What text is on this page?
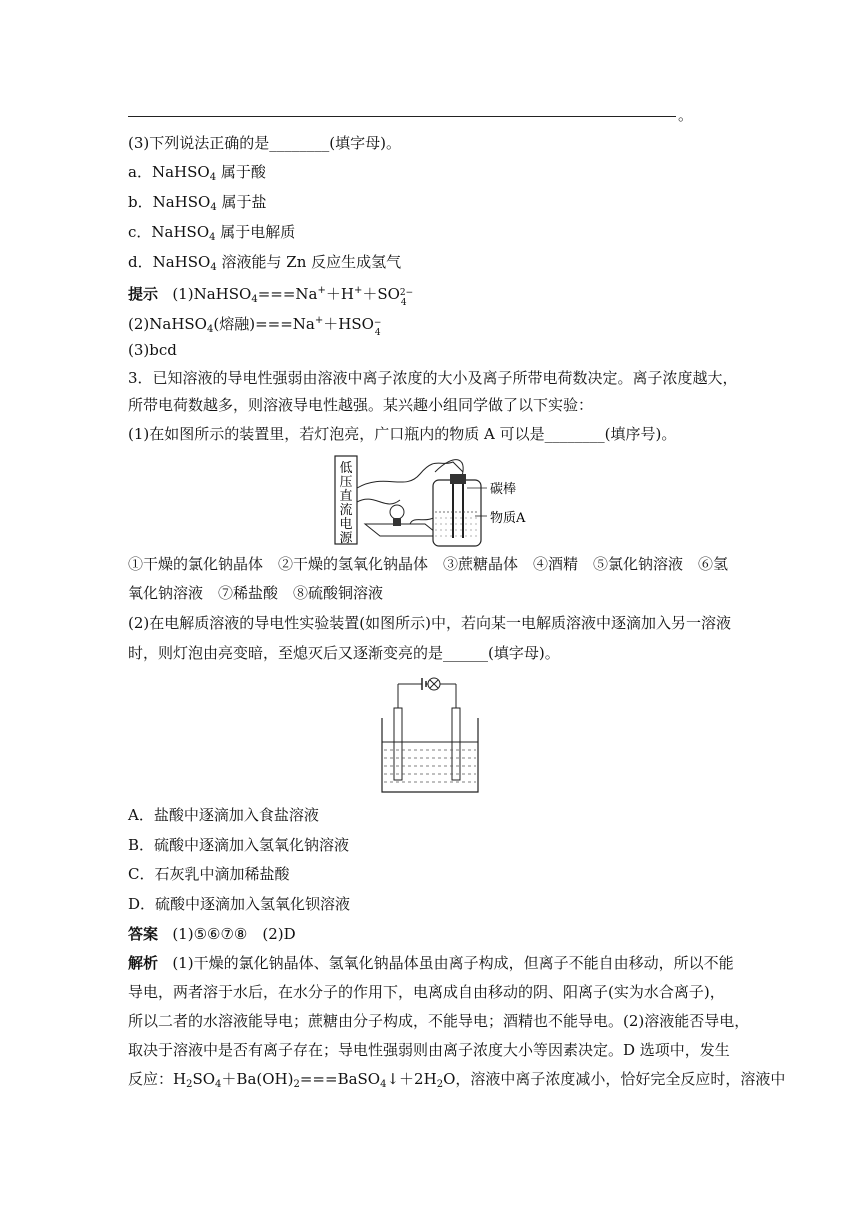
。
(3)下列说法正确的是________(填字母)。
a．NaHSO$_4$ 属于酸
b．NaHSO$_4$ 属于盐
c．NaHSO$_4$ 属于电解质
d．NaHSO$_4$ 溶液能与 Zn 反应生成氢气
提示 (1)NaHSO$_4$===Na+＋H+＋SO 2−
4
(2)NaHSO$_4$(熔融)===Na+＋HSO −
4
(3)bcd
3．已知溶液的导电性强弱由溶液中离子浓度的大小及离子所带电荷数决定。离子浓度越大，
所带电荷数越多，则溶液导电性越强。某兴趣小组同学做了以下实验：
(1)在如图所示的装置里，若灯泡亮，广口瓶内的物质 A 可以是________(填序号)。
低
压
直
流
电
源
碳棒
物质A
①干燥的氯化钠晶体　②干燥的氢氧化钠晶体　③蔗糖晶体　④酒精　⑤氯化钠溶液　⑥氢
氧化钠溶液　⑦稀盐酸　⑧硫酸铜溶液
(2)在电解质溶液的导电性实验装置(如图所示)中，若向某一电解质溶液中逐滴加入另一溶液
时，则灯泡由亮变暗，至熄灭后又逐渐变亮的是______(填字母)。
A．盐酸中逐滴加入食盐溶液
B．硫酸中逐滴加入氢氧化钠溶液
C．石灰乳中滴加稀盐酸
D．硫酸中逐滴加入氢氧化钡溶液
答案 (1)⑤⑥⑦⑧　(2)D
解析 (1)干燥的氯化钠晶体、氢氧化钠晶体虽由离子构成，但离子不能自由移动，所以不能
导电，两者溶于水后，在水分子的作用下，电离成自由移动的阴、阳离子(实为水合离子)，
所以二者的水溶液能导电；蔗糖由分子构成，不能导电；酒精也不能导电。(2)溶液能否导电，
取决于溶液中是否有离子存在；导电性强弱则由离子浓度大小等因素决定。D 选项中，发生
反应：$H_2SO_4+Ba(OH)_2===BaSO_4↓+2H_2O$，溶液中离子浓度减小，恰好完全反应时，溶液中
